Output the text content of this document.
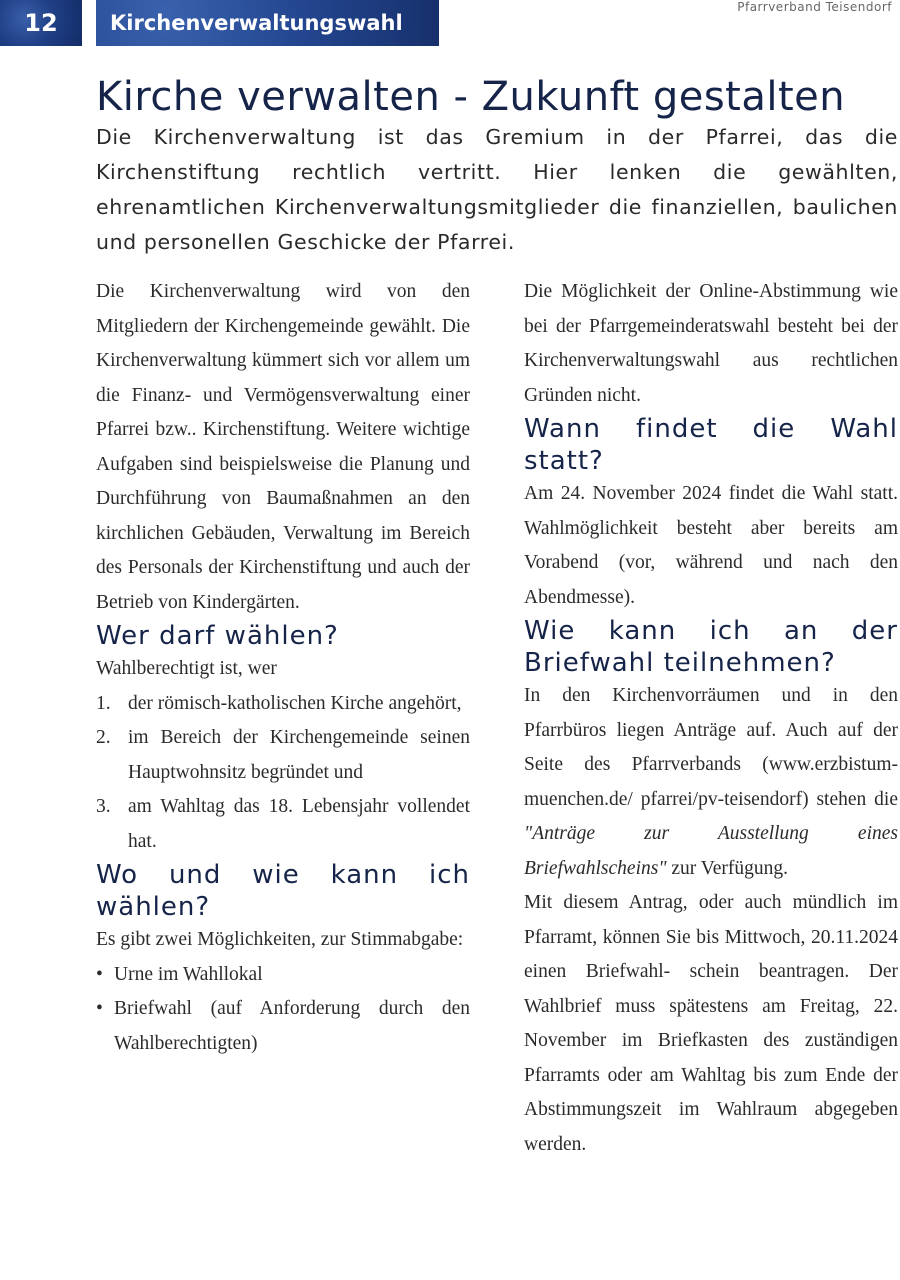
12	Kirchenverwaltungswahl
Pfarrverband Teisendorf
Kirche verwalten - Zukunft gestalten

Die Kirchenverwaltung ist das Gremium in der Pfarrei, das die Kirchenstiftung rechtlich vertritt. Hier lenken die gewählten, ehrenamtlichen Kirchenverwaltungsmitglieder die finanziellen, baulichen und personellen Geschicke der Pfarrei.

Die Kirchenverwaltung wird von den Mitgliedern der Kirchengemeinde gewählt. Die Kirchenverwaltung kümmert sich vor allem um die Finanz- und Vermögensverwaltung einer Pfarrei bzw.. Kirchenstiftung. Weitere wichtige Aufgaben sind beispielsweise die Planung und Durchführung von Baumaßnahmen an den kirchlichen Gebäuden, Verwaltung im Bereich des Personals der Kirchenstiftung und auch der Betrieb von Kindergärten.

Wer darf wählen?

Wahlberechtigt ist, wer

1. der römisch-katholischen Kirche angehört,
2. im Bereich der Kirchengemeinde seinen Hauptwohnsitz begründet und
3. am Wahltag das 18. Lebensjahr vollendet hat.
Wo und wie kann ich wählen?

Es gibt zwei Möglichkeiten, zur Stimmabgabe:

• Urne im Wahllokal
• Briefwahl (auf Anforderung durch den Wahlberechtigten)

Die Möglichkeit der Online-Abstimmung wie bei der Pfarrgemeinderatswahl besteht bei der Kirchenverwaltungswahl aus rechtlichen Gründen nicht.

Wann findet die Wahl statt?

Am 24. November 2024 findet die Wahl statt. Wahlmöglichkeit besteht aber bereits am Vorabend (vor, während und nach den Abendmesse).

Wie kann ich an der Briefwahl teilnehmen?

In den Kirchenvorräumen und in den Pfarrbüros liegen Anträge auf. Auch auf der Seite des Pfarrverbands (www.erzbistum-muenchen.de/ pfarrei/pv-teisendorf) stehen die "Anträge zur Ausstellung eines Briefwahlscheins" zur Verfügung.

Mit diesem Antrag, oder auch mündlich im Pfarramt, können Sie bis Mittwoch, 20.11.2024 einen Briefwahl- schein beantragen. Der Wahlbrief muss spätestens am Freitag, 22. November im Briefkasten des zuständigen Pfarramts oder am Wahltag bis zum Ende der Abstimmungszeit im Wahlraum abgegeben werden.
